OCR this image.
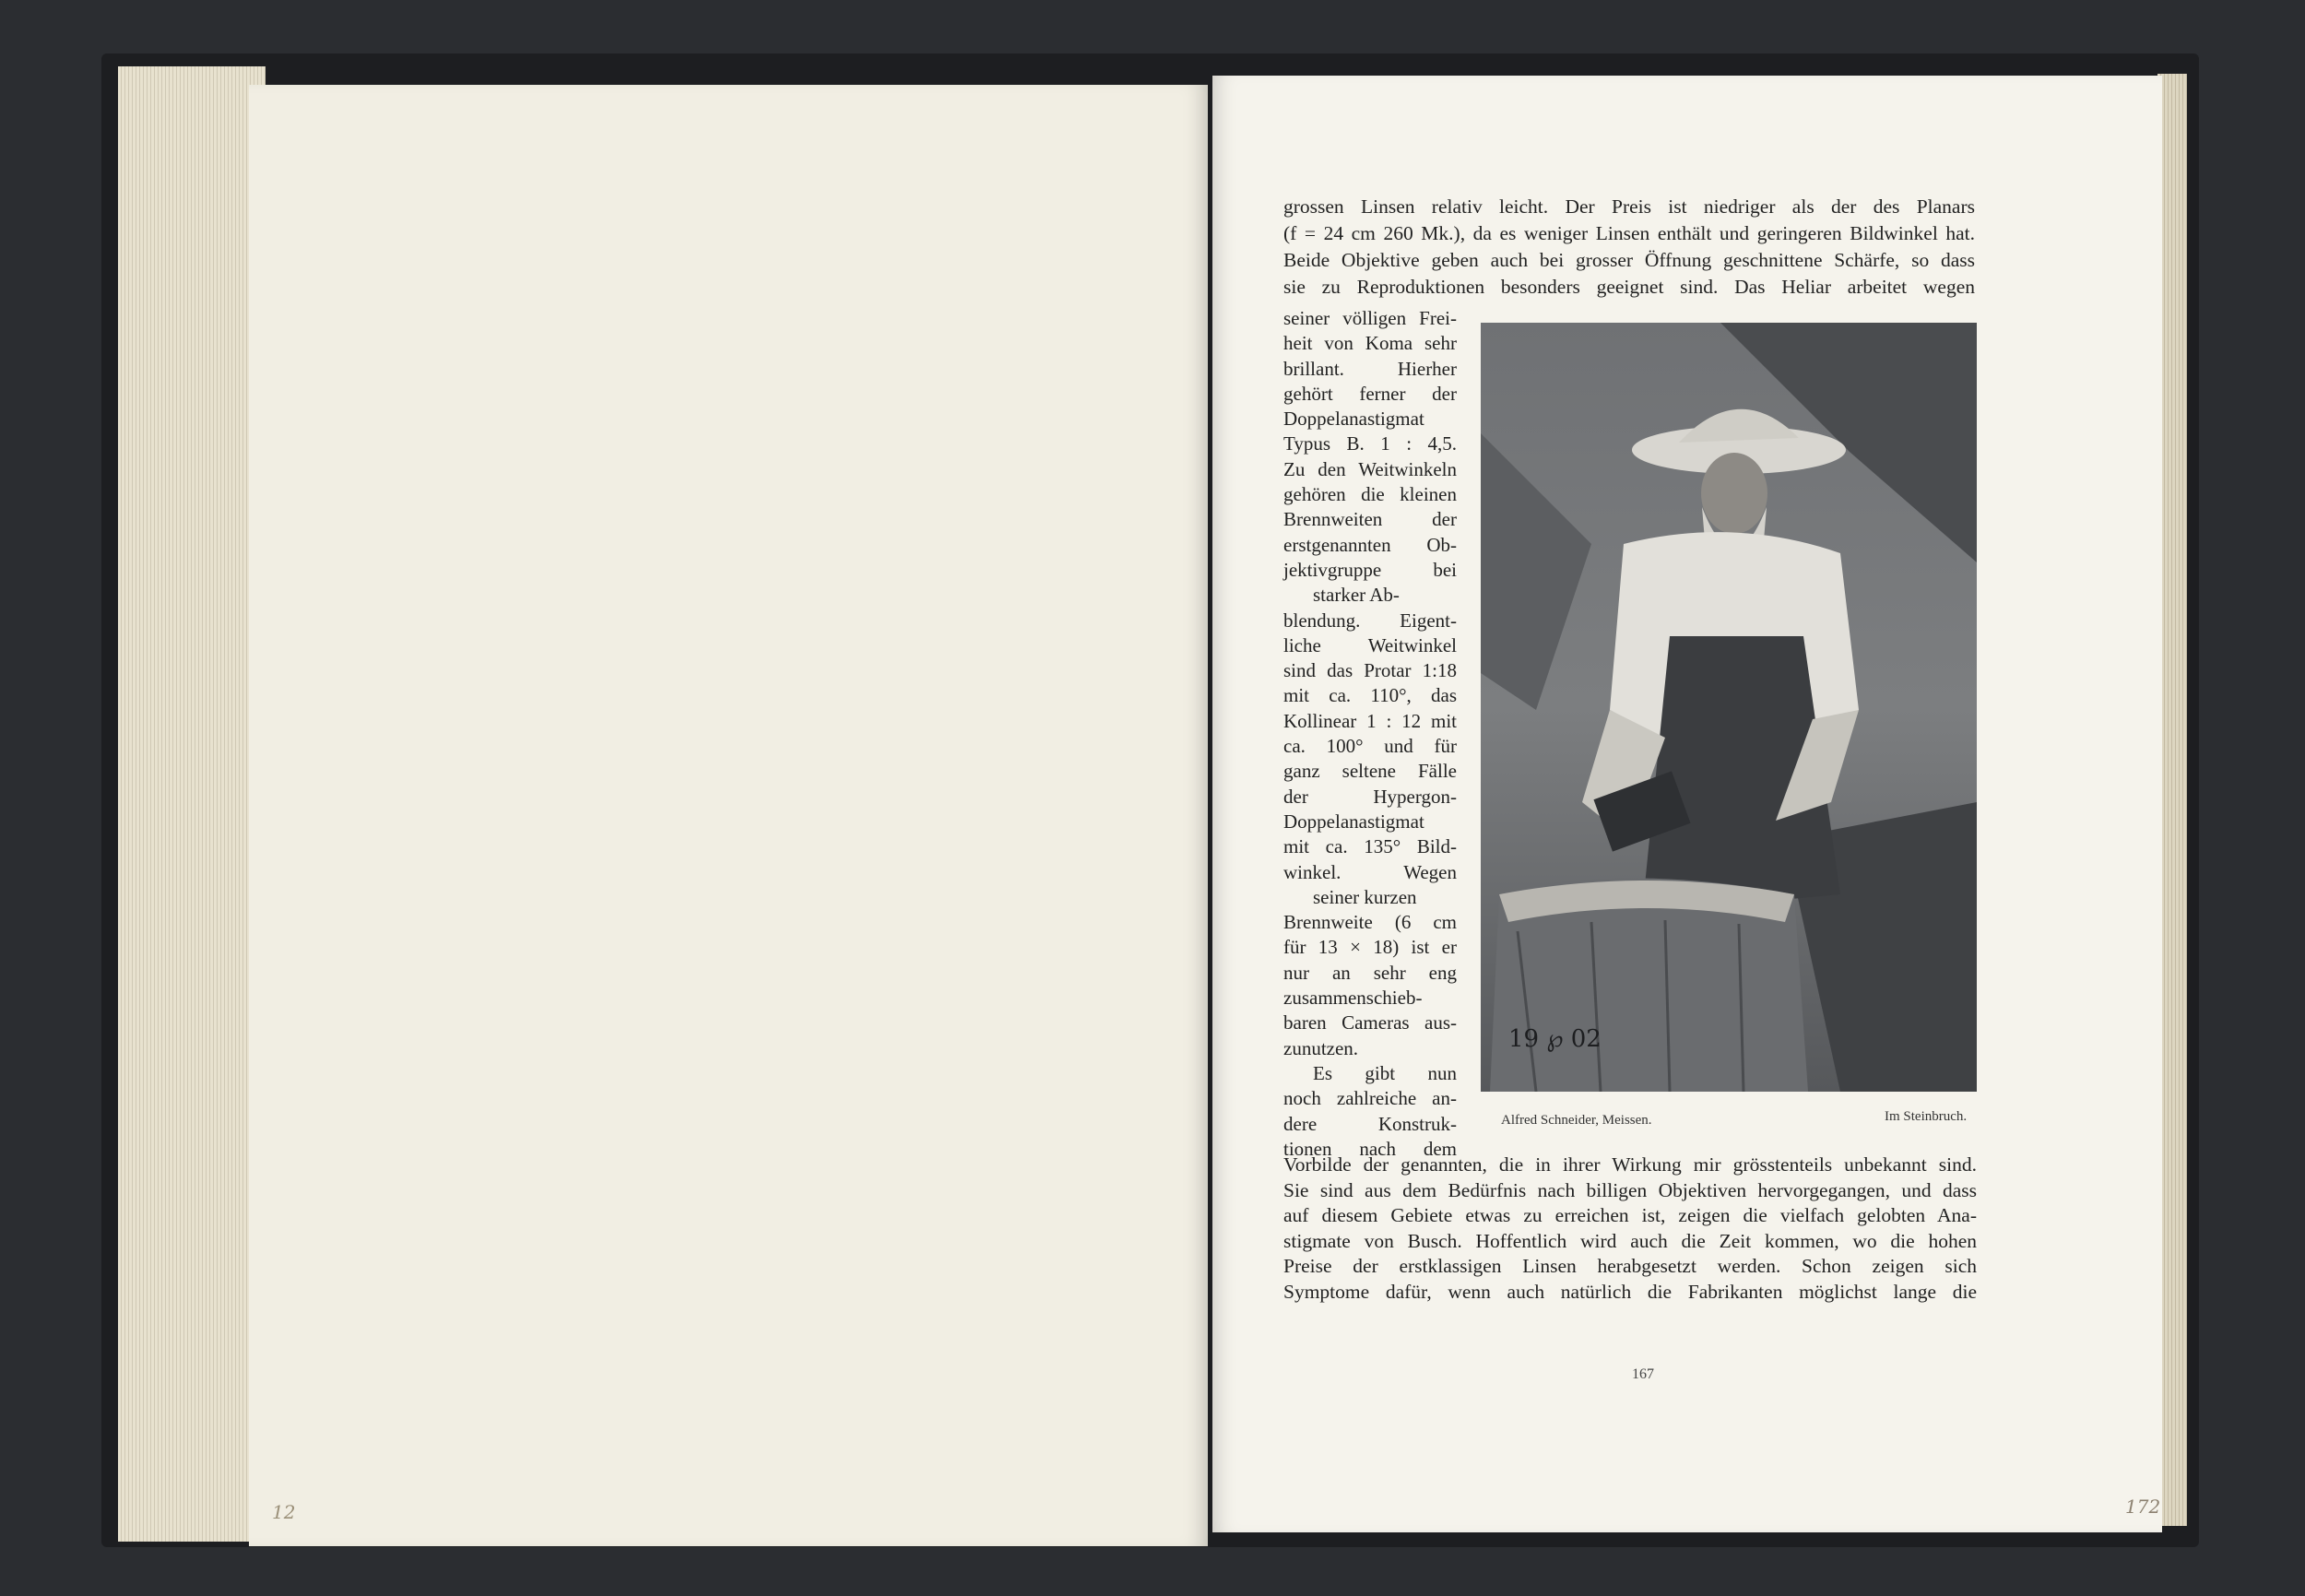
12	172
grossen Linsen relativ leicht. Der Preis ist niedriger als der des Planars
(f = 24 cm 260 Mk.), da es weniger Linsen enthält und geringeren Bildwinkel hat.
Beide Objektive geben auch bei grosser Öffnung geschnittene Schärfe, so dass
sie zu Reproduktionen besonders geeignet sind. Das Heliar arbeitet wegen
seiner völligen Frei-
heit von Koma sehr
brillant. Hierher
gehört ferner der
Doppelanastigmat
Typus B. 1 : 4,5.
Zu den Weitwinkeln
gehören die kleinen
Brennweiten der
erstgenannten Ob-
jektivgruppe bei
starker Ab-
blendung. Eigent-
liche Weitwinkel
sind das Protar 1:18
mit ca. 110°, das
Kollinear 1 : 12 mit
ca. 100° und für
ganz seltene Fälle
der Hypergon-
Doppelanastigmat
mit ca. 135° Bild-
winkel. Wegen
seiner kurzen
Brennweite (6 cm
für 13 × 18) ist er
nur an sehr eng
zusammenschieb-
baren Cameras aus-
zunutzen.
Es gibt nun
noch zahlreiche an-
dere Konstruk-
tionen nach dem
19 ℘ 02
Alfred Schneider, Meissen.	Im Steinbruch.
Vorbilde der genannten, die in ihrer Wirkung mir grösstenteils unbekannt sind.
Sie sind aus dem Bedürfnis nach billigen Objektiven hervorgegangen, und dass
auf diesem Gebiete etwas zu erreichen ist, zeigen die vielfach gelobten Ana-
stigmate von Busch. Hoffentlich wird auch die Zeit kommen, wo die hohen
Preise der erstklassigen Linsen herabgesetzt werden. Schon zeigen sich
Symptome dafür, wenn auch natürlich die Fabrikanten möglichst lange die
167
